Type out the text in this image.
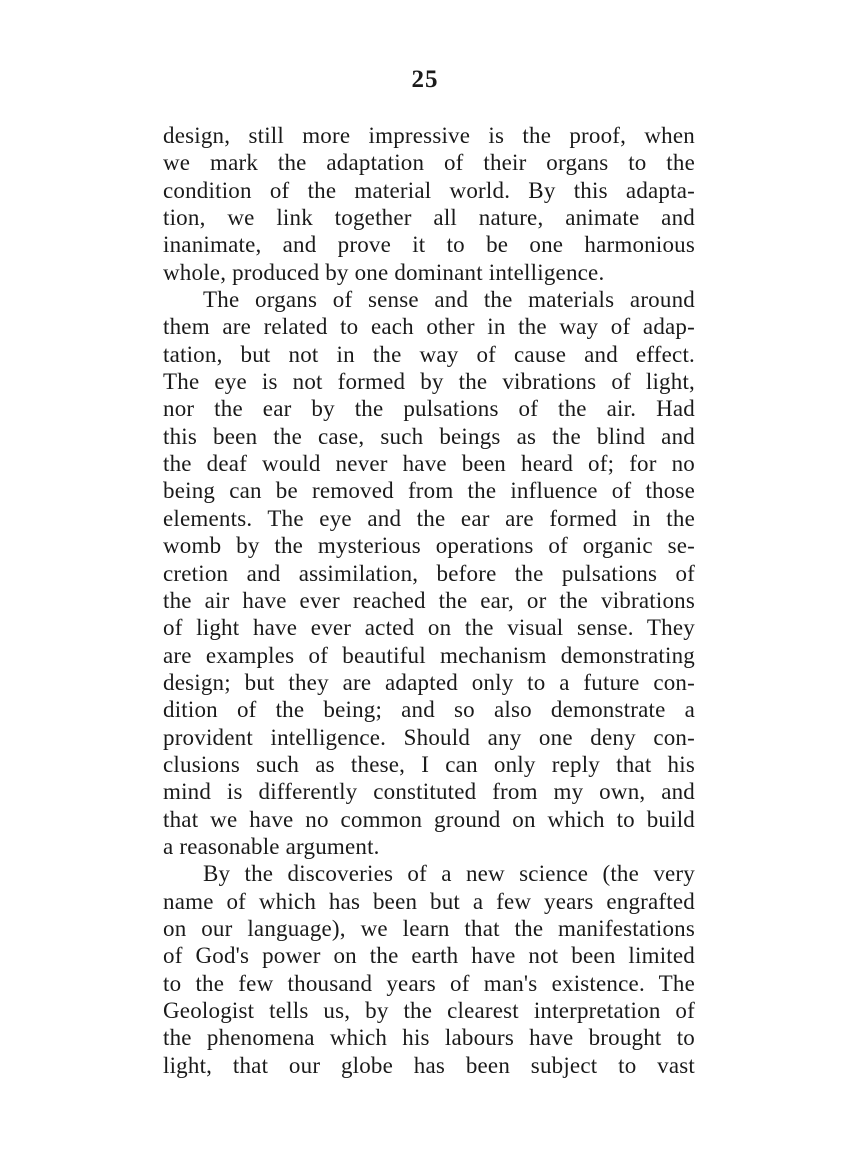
25
design, still more impressive is the proof, when
we mark the adaptation of their organs to the
condition of the material world. By this adapta-
tion, we link together all nature, animate and
inanimate, and prove it to be one harmonious
whole, produced by one dominant intelligence.
The organs of sense and the materials around
them are related to each other in the way of adap-
tation, but not in the way of cause and effect.
The eye is not formed by the vibrations of light,
nor the ear by the pulsations of the air. Had
this been the case, such beings as the blind and
the deaf would never have been heard of; for no
being can be removed from the influence of those
elements. The eye and the ear are formed in the
womb by the mysterious operations of organic se-
cretion and assimilation, before the pulsations of
the air have ever reached the ear, or the vibrations
of light have ever acted on the visual sense. They
are examples of beautiful mechanism demonstrating
design; but they are adapted only to a future con-
dition of the being; and so also demonstrate a
provident intelligence. Should any one deny con-
clusions such as these, I can only reply that his
mind is differently constituted from my own, and
that we have no common ground on which to build
a reasonable argument.
By the discoveries of a new science (the very
name of which has been but a few years engrafted
on our language), we learn that the manifestations
of God's power on the earth have not been limited
to the few thousand years of man's existence. The
Geologist tells us, by the clearest interpretation of
the phenomena which his labours have brought to
light, that our globe has been subject to vast
